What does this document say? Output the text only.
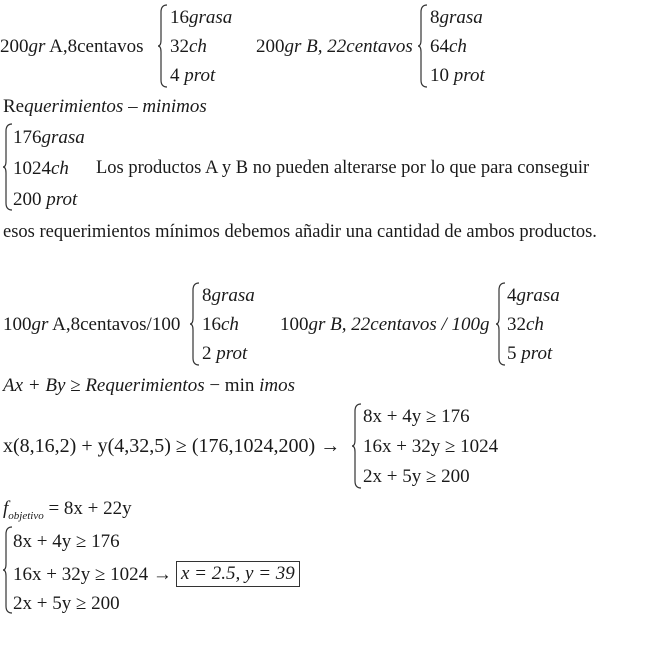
200gr A,8centavos
16grasa
32ch
4 prot
200gr B, 22centavos
8grasa
64ch
10 prot
Requerimientos – minimos
176grasa
1024ch
200 prot
Los productos A y B no pueden alterarse por lo que para conseguir
esos requerimientos mínimos debemos añadir una cantidad de ambos productos.
100gr A,8centavos/100
8grasa
16ch
2 prot
100gr B, 22centavos / 100g
4grasa
32ch
5 prot
Ax + By ≥ Requerimientos − min imos
x(8,16,2) + y(4,32,5) ≥ (176,1024,200) →
8x + 4y ≥ 176
16x + 32y ≥ 1024
2x + 5y ≥ 200
$f_{objetivo} = 8x + 22y$
8x + 4y ≥ 176
16x + 32y ≥ 1024 →
2x + 5y ≥ 200
x = 2.5, y = 39
